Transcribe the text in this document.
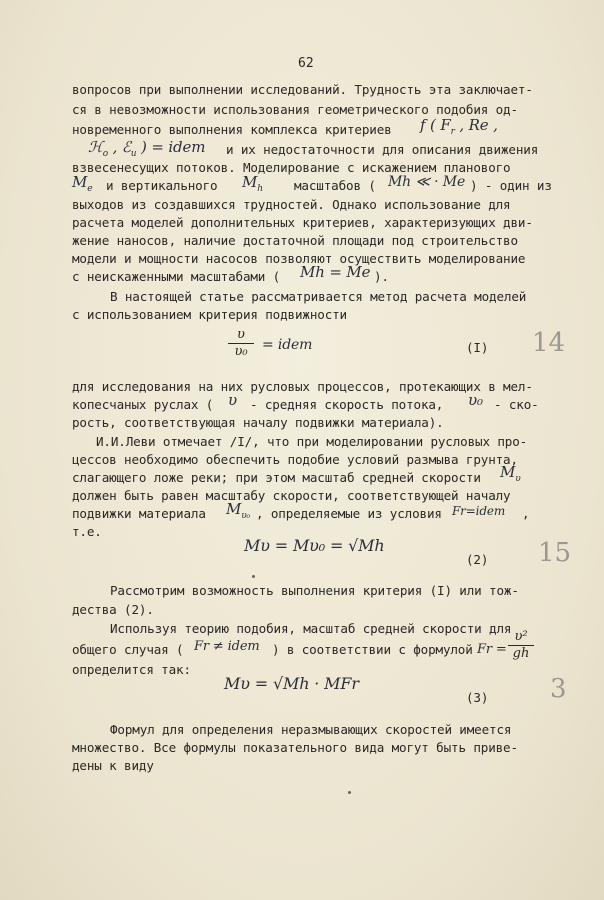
62
вопросов при выполнении исследований. Трудность эта заключает-
ся в невозможности использования геометрического подобия од-
новременного выполнения комплекса критериев f ( $F_r$ , Re ,
ℋ$_o$ , ℰ$_u$ ) = idem и их недостаточности для описания движения
взвесенесущих потоков. Моделирование с искажением планового
$M_e$ и вертикального $M_h$ масштабов ( Mh ≪ · Me ) - один из
выходов из создавшихся трудностей. Однако использование для
расчета моделей дополнительных критериев, характеризующих дви-
жение наносов, наличие достаточной площади под строительство
модели и мощности насосов позволяют осуществить моделирование
с неискаженными масштабами ( Mh = Me ).
В настоящей статье рассматривается метод расчета моделей
с использованием критерия подвижности
υ
υ₀	= idem	(I) 14
для исследования на них русловых процессов, протекающих в мел-
копесчаных руслах ( υ - средняя скорость потока, υ₀ - ско-
рость, соответствующая началу подвижки материала).
И.И.Леви отмечает /I/, что при моделировании русловых про-
цессов необходимо обеспечить подобие условий размыва грунта,
слагающего ложе реки; при этом масштаб средней скорости $M_\upsilon$
должен быть равен масштабу скорости, соответствующей началу
подвижки материала $M_{\upsilon_0}$ , определяемые из условия Fr=idem ,
т.е.
Mυ = Mυ₀ = √Mh
(2) 15
Рассмотрим возможность выполнения критерия (I) или тож-
дества (2).
Используя теорию подобия, масштаб средней скорости для
общего случая ( Fr ≠ idem ) в соответствии с формулой Fr =
υ²
gh
определится так:
Mυ = √Mh · MFr
(3) 3
Формул для определения неразмывающих скоростей имеется
множество. Все формулы показательного вида могут быть приве-
дены к виду
